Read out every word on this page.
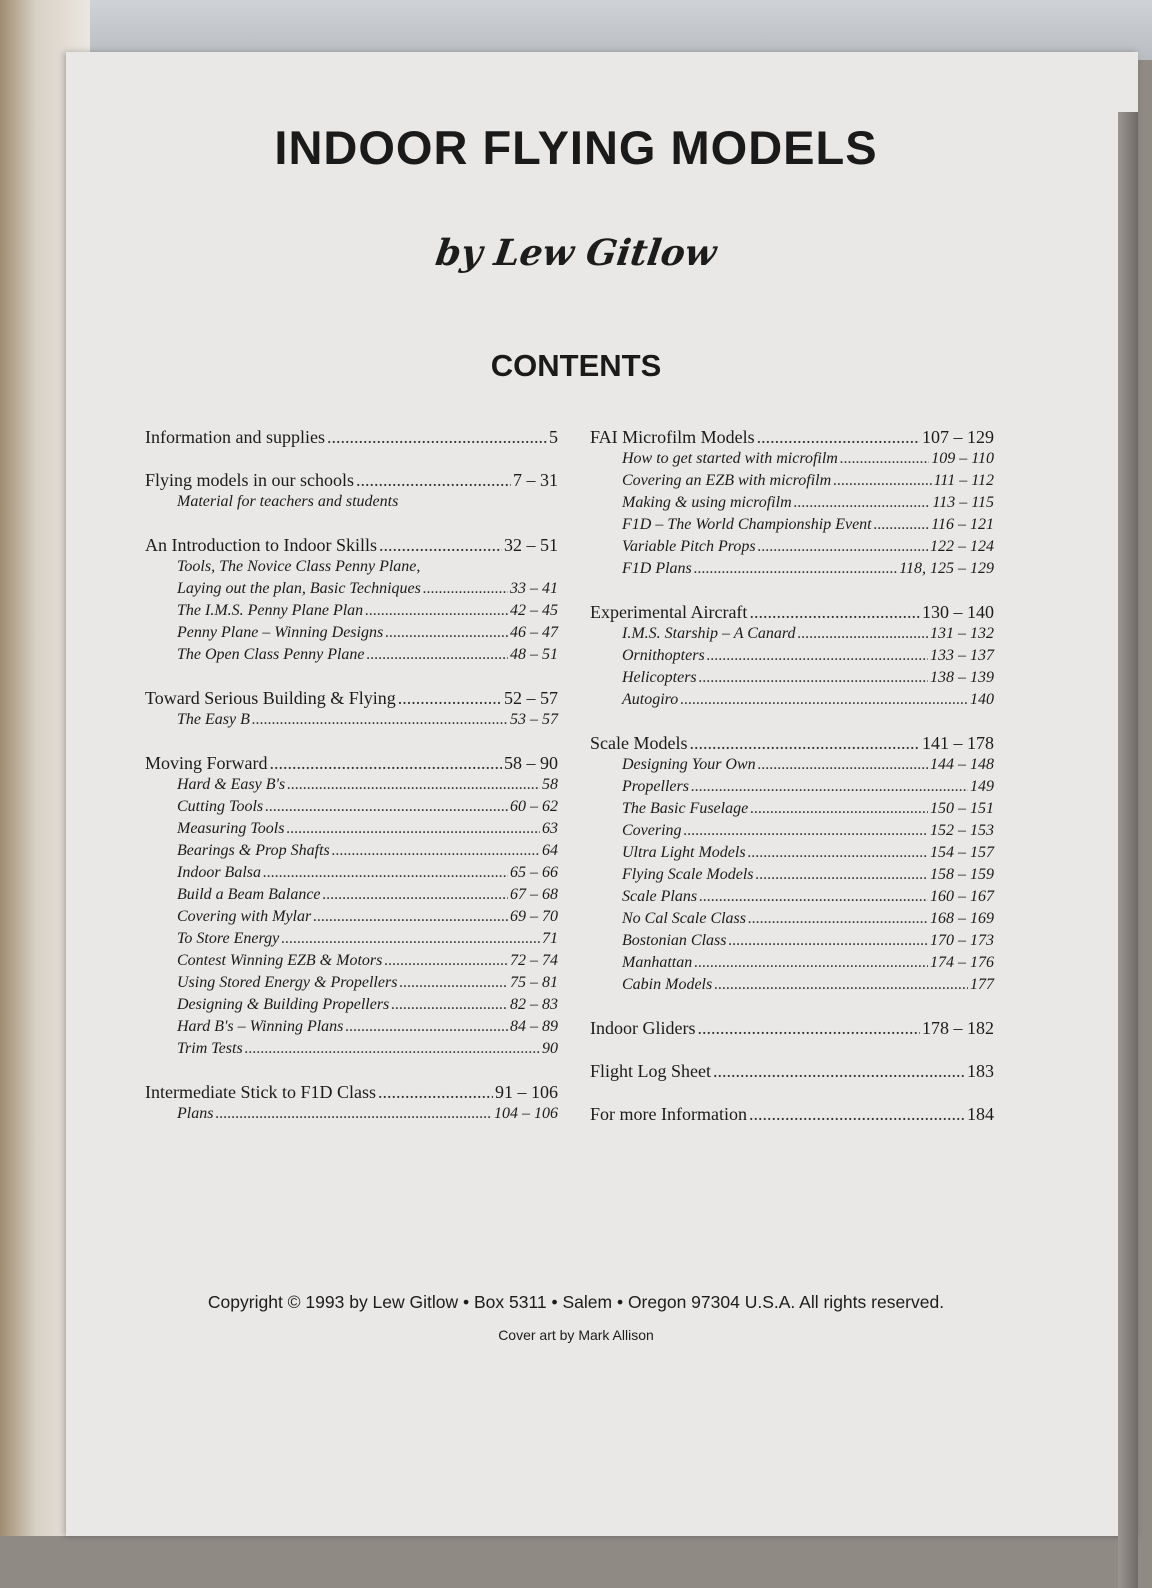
INDOOR FLYING MODELS
by Lew Gitlow
CONTENTS
Information and supplies .....	5
Flying models in our schools .....	7 – 31
Material for teachers and students
An Introduction to Indoor Skills .....	32 – 51
Tools, The Novice Class Penny Plane,
Laying out the plan, Basic Techniques .....	33 – 41
The I.M.S. Penny Plane Plan .....	42 – 45
Penny Plane – Winning Designs .....	46 – 47
The Open Class Penny Plane .....	48 – 51
Toward Serious Building & Flying .....	52 – 57
The Easy B .....	53 – 57
Moving Forward .....	58 – 90
Hard & Easy B's .....	58
Cutting Tools .....	60 – 62
Measuring Tools .....	63
Bearings & Prop Shafts .....	64
Indoor Balsa .....	65 – 66
Build a Beam Balance .....	67 – 68
Covering with Mylar .....	69 – 70
To Store Energy .....	71
Contest Winning EZB & Motors .....	72 – 74
Using Stored Energy & Propellers .....	75 – 81
Designing & Building Propellers .....	82 – 83
Hard B's – Winning Plans .....	84 – 89
Trim Tests .....	90
Intermediate Stick to F1D Class .....	91 – 106
Plans .....	104 – 106
FAI Microfilm Models .....	107 – 129
How to get started with microfilm .....	109 – 110
Covering an EZB with microfilm .....	111 – 112
Making & using microfilm .....	113 – 115
F1D – The World Championship Event .....	116 – 121
Variable Pitch Props .....	122 – 124
F1D Plans .....	118, 125 – 129
Experimental Aircraft .....	130 – 140
I.M.S. Starship – A Canard .....	131 – 132
Ornithopters .....	133 – 137
Helicopters .....	138 – 139
Autogiro .....	140
Scale Models .....	141 – 178
Designing Your Own .....	144 – 148
Propellers .....	149
The Basic Fuselage .....	150 – 151
Covering .....	152 – 153
Ultra Light Models .....	154 – 157
Flying Scale Models .....	158 – 159
Scale Plans .....	160 – 167
No Cal Scale Class .....	168 – 169
Bostonian Class .....	170 – 173
Manhattan .....	174 – 176
Cabin Models .....	177
Indoor Gliders .....	178 – 182
Flight Log Sheet .....	183
For more Information .....	184
Copyright © 1993 by Lew Gitlow • Box 5311 • Salem • Oregon 97304 U.S.A. All rights reserved.
Cover art by Mark Allison
